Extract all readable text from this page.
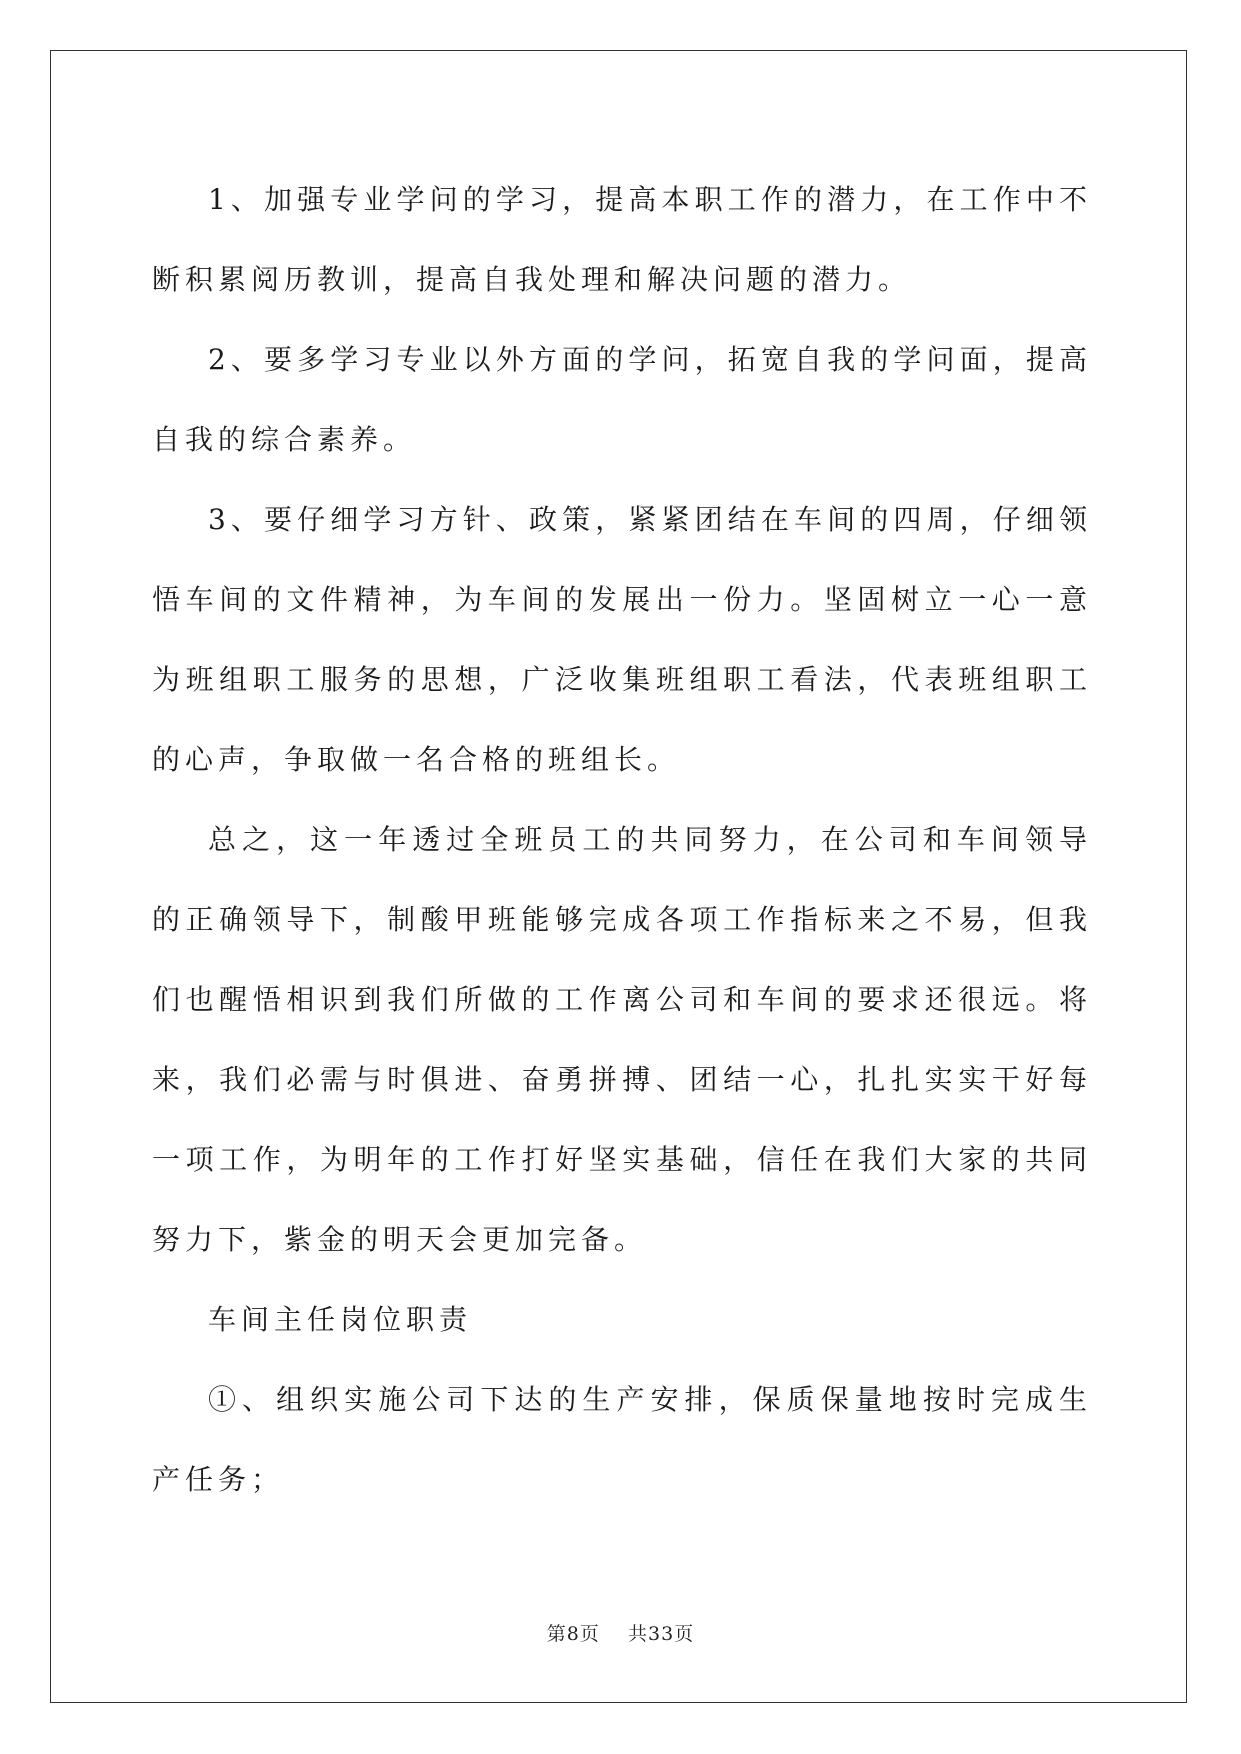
1、加强专业学问的学习，提高本职工作的潜力，在工作中不断积累阅历教训，提高自我处理和解决问题的潜力。

2、要多学习专业以外方面的学问，拓宽自我的学问面，提高自我的综合素养。

3、要仔细学习方针、政策，紧紧团结在车间的四周，仔细领悟车间的文件精神，为车间的发展出一份力。坚固树立一心一意为班组职工服务的思想，广泛收集班组职工看法，代表班组职工的心声，争取做一名合格的班组长。

总之，这一年透过全班员工的共同努力，在公司和车间领导的正确领导下，制酸甲班能够完成各项工作指标来之不易，但我们也醒悟相识到我们所做的工作离公司和车间的要求还很远。将来，我们必需与时俱进、奋勇拼搏、团结一心，扎扎实实干好每一项工作，为明年的工作打好坚实基础，信任在我们大家的共同努力下，紫金的明天会更加完备。

车间主任岗位职责

①、组织实施公司下达的生产安排，保质保量地按时完成生产任务；

第8页 共33页
